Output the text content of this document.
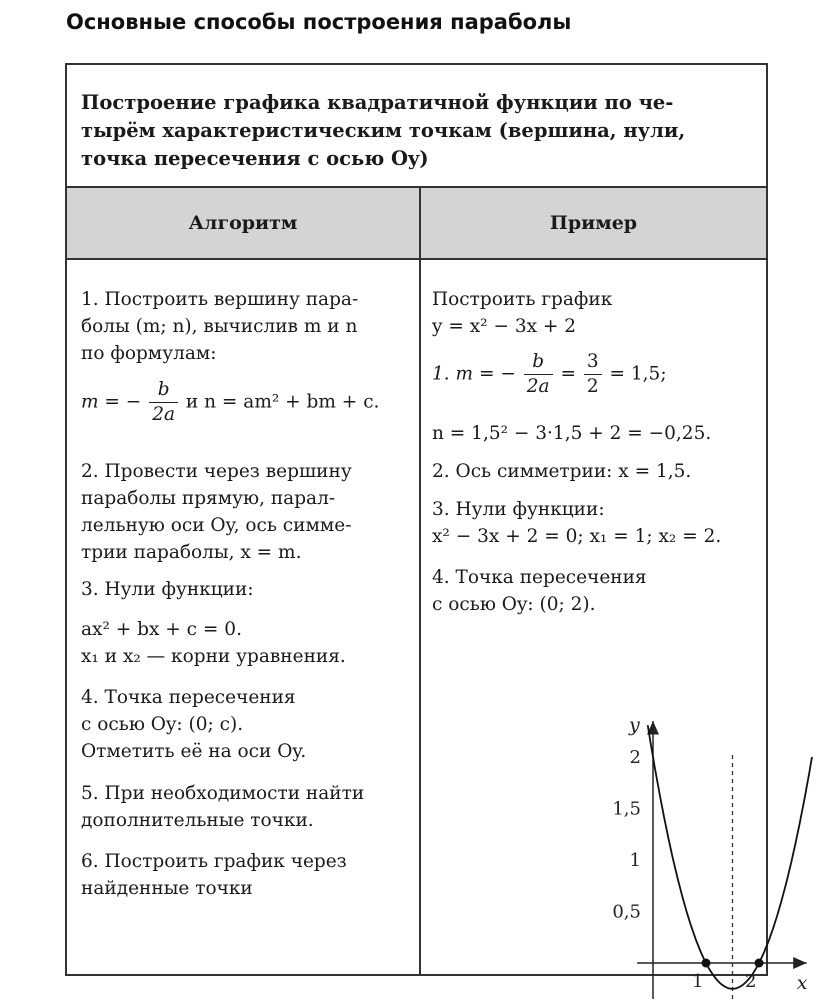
Основные способы построения параболы
Построение графика квадратичной функции по че-
тырём характеристическим точкам (вершина, нули,
точка пересечения с осью Oy)
Алгоритм	Пример
1. Построить вершину пара-
болы (m; n), вычислив m и n
по формулам:
m = − $\frac{b}{2a}$ и n = am² + bm + c.
2. Провести через вершину
параболы прямую, парал-
лельную оси Oy, ось симме-
трии параболы, x = m.
3. Нули функции:
ax² + bx + c = 0.
x₁ и x₂ — корни уравнения.
4. Точка пересечения
с осью Oy: (0; c).
Отметить её на оси Oy.
5. При необходимости найти
дополнительные точки.
6. Построить график через
найденные точки
Построить график
y = x² − 3x + 2
1. m = − $\frac{b}{2a} = \frac{3}{2} = 1,5$;
n = 1,5² − 3·1,5 + 2 = −0,25.
2. Ось симметрии: x = 1,5.
3. Нули функции:
x² − 3x + 2 = 0; x₁ = 1; x₂ = 2.
4. Точка пересечения
с осью Oy: (0; 2).
1 2
0,5
1
1,5
2
x
y
